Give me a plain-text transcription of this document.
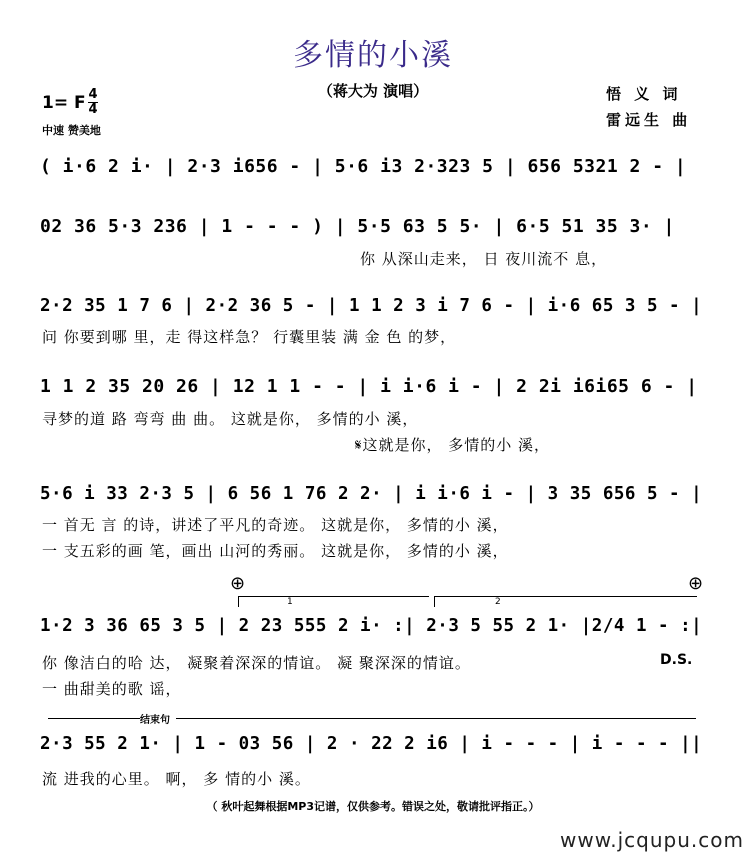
多情的小溪
（蒋大为 演唱）	悟 义 词
雷远生 曲
1= F 4
4
中速 赞美地
( i·6 2 i· | 2·3 i656 - | 5·6 i3 2·323 5 | 656 5321 2 - |
02 36 5·3 236 | 1 - - - ) | 5·5 63 5 5· | 6·5 51 35 3· |
你 从深山走来， 日 夜川流不 息，
2·2 35 1 7 6 | 2·2 36 5 - | 1 1 2 3 i 7 6 - | i·6 65 3 5 - |
问 你要到哪 里，走 得这样急？ 行囊里装 满 金 色 的梦，
1 1 2 35 20 26 | 12 1 1 - - | i i·6 i - | 2 2i i6i65 6 - |
寻梦的道 路 弯弯 曲 曲。 这就是你， 多情的小 溪，
𝄋这就是你， 多情的小 溪，
5·6 i 33 2·3 5 | 6 56 1 76 2 2· | i i·6 i - | 3 35 656 5 - |
一 首无 言 的诗，讲述了平凡的奇迹。 这就是你， 多情的小 溪，
一 支五彩的画 笔，画出 山河的秀丽。 这就是你， 多情的小 溪，
⊕	⊕
1	2
1·2 3 36 65 3 5 | 2 23 555 2 i· :| 2·3 5 55 2 1· |2/4 1 - :|
你 像洁白的哈 达， 凝聚着深深的情谊。 凝 聚深深的情谊。	D.S.
一 曲甜美的歌 谣，
结束句
2·3 55 2 1· | 1 - 03 56 | 2 · 22 2 i6 | i - - - | i - - - ||
流 进我的心里。 啊， 多 情的小 溪。
（ 秋叶起舞根据MP3记谱，仅供参考。错误之处，敬请批评指正。）
www.jcqupu.com
